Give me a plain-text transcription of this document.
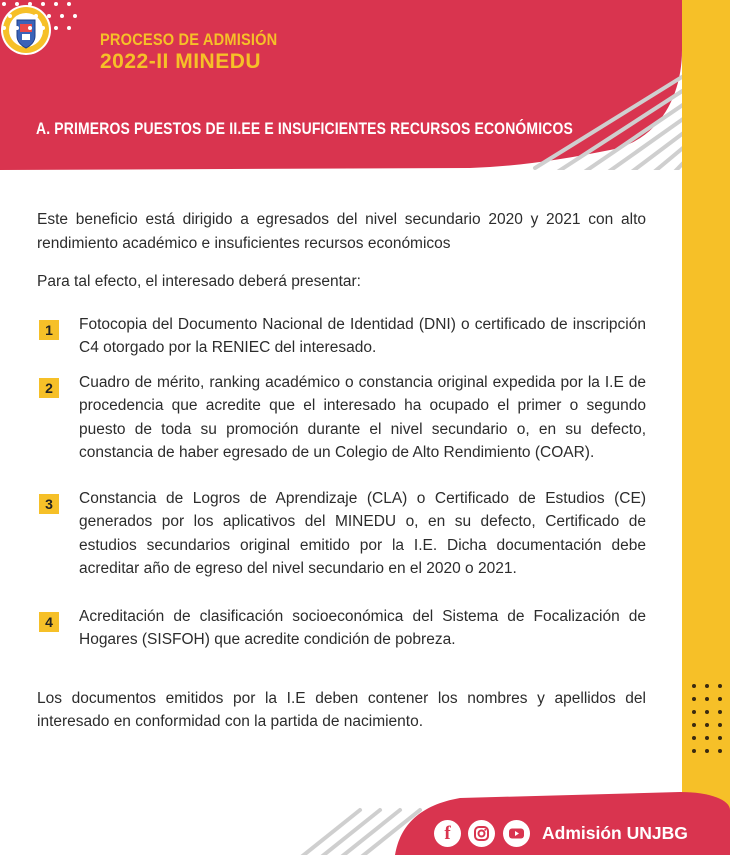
PROCESO DE ADMISIÓN
2022-II MINEDU
A. PRIMEROS PUESTOS DE II.EE E INSUFICIENTES RECURSOS ECONÓMICOS

Este beneficio está dirigido a egresados del nivel secundario 2020 y 2021 con alto rendimiento académico e insuficientes recursos económicos

Para tal efecto, el interesado deberá presentar:

1	Fotocopia del Documento Nacional de Identidad (DNI) o certificado de inscripción C4 otorgado por la RENIEC del interesado.
2	Cuadro de mérito, ranking académico o constancia original expedida por la I.E de procedencia que acredite que el interesado ha ocupado el primer o segundo puesto de toda su promoción durante el nivel secundario o, en su defecto, constancia de haber egresado de un Colegio de Alto Rendimiento (COAR).
3	Constancia de Logros de Aprendizaje (CLA) o Certificado de Estudios (CE) generados por los aplicativos del MINEDU o, en su defecto, Certificado de estudios secundarios original emitido por la I.E. Dicha documentación debe acreditar año de egreso del nivel secundario en el 2020 o 2021.
4	Acreditación de clasificación socioeconómica del Sistema de Focalización de Hogares (SISFOH) que acredite condición de pobreza.

Los documentos emitidos por la I.E deben contener los nombres y apellidos del interesado en conformidad con la partida de nacimiento.

f	Admisión UNJBG
